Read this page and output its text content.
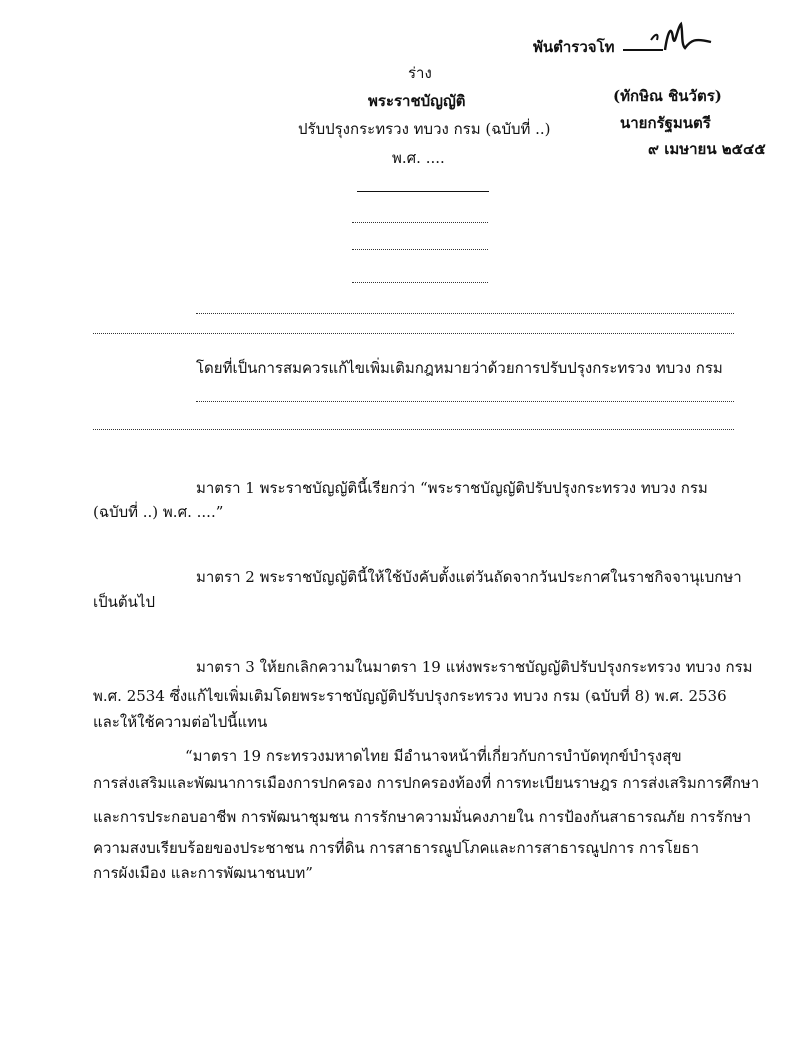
พันตำรวจโท
(ทักษิณ ชินวัตร)
นายกรัฐมนตรี
๙ เมษายน ๒๕๔๕
ร่าง
พระราชบัญญัติ
ปรับปรุงกระทรวง ทบวง กรม (ฉบับที่ ..)
พ.ศ. ....
โดยที่เป็นการสมควรแก้ไขเพิ่มเติมกฎหมายว่าด้วยการปรับปรุงกระทรวง ทบวง กรม
มาตรา 1 พระราชบัญญัตินี้เรียกว่า “พระราชบัญญัติปรับปรุงกระทรวง ทบวง กรม
(ฉบับที่ ..) พ.ศ. ....”
มาตรา 2 พระราชบัญญัตินี้ให้ใช้บังคับตั้งแต่วันถัดจากวันประกาศในราชกิจจานุเบกษา
เป็นต้นไป
มาตรา 3 ให้ยกเลิกความในมาตรา 19 แห่งพระราชบัญญัติปรับปรุงกระทรวง ทบวง กรม
พ.ศ. 2534 ซึ่งแก้ไขเพิ่มเติมโดยพระราชบัญญัติปรับปรุงกระทรวง ทบวง กรม (ฉบับที่ 8) พ.ศ. 2536
และให้ใช้ความต่อไปนี้แทน
“มาตรา 19 กระทรวงมหาดไทย มีอำนาจหน้าที่เกี่ยวกับการบำบัดทุกข์บำรุงสุข
การส่งเสริมและพัฒนาการเมืองการปกครอง การปกครองท้องที่ การทะเบียนราษฎร การส่งเสริมการศึกษา
และการประกอบอาชีพ การพัฒนาชุมชน การรักษาความมั่นคงภายใน การป้องกันสาธารณภัย การรักษา
ความสงบเรียบร้อยของประชาชน การที่ดิน การสาธารณูปโภคและการสาธารณูปการ การโยธา
การผังเมือง และการพัฒนาชนบท”
